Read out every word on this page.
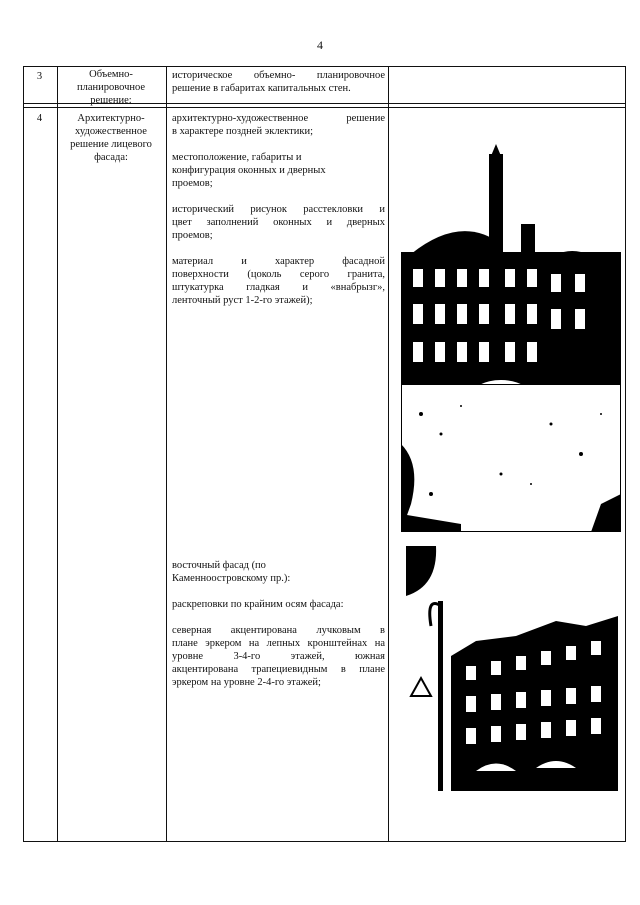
4
3	Объемно-
планировочное
решение:
историческое объемно- планировочное
решение в габаритах капитальных стен.
4	Архитектурно-
художественное
решение лицевого
фасада:
архитектурно-художественное решение
в характере поздней эклектики;
местоположение, габариты и
конфигурация оконных и дверных
проемов;
исторический рисунок расстекловки и
цвет заполнений оконных и дверных
проемов;
материал и характер фасадной
поверхности (цоколь серого гранита,
штукатурка гладкая и «внабрызг»,
ленточный руст 1-2-го этажей);
восточный фасад (по
Каменноостровскому пр.):
раскреповки по крайним осям фасада:
северная акцентирована лучковым в
плане эркером на лепных кронштейнах на
уровне 3-4-го этажей, южная
акцентирована трапециевидным в плане
эркером на уровне 2-4-го этажей;
